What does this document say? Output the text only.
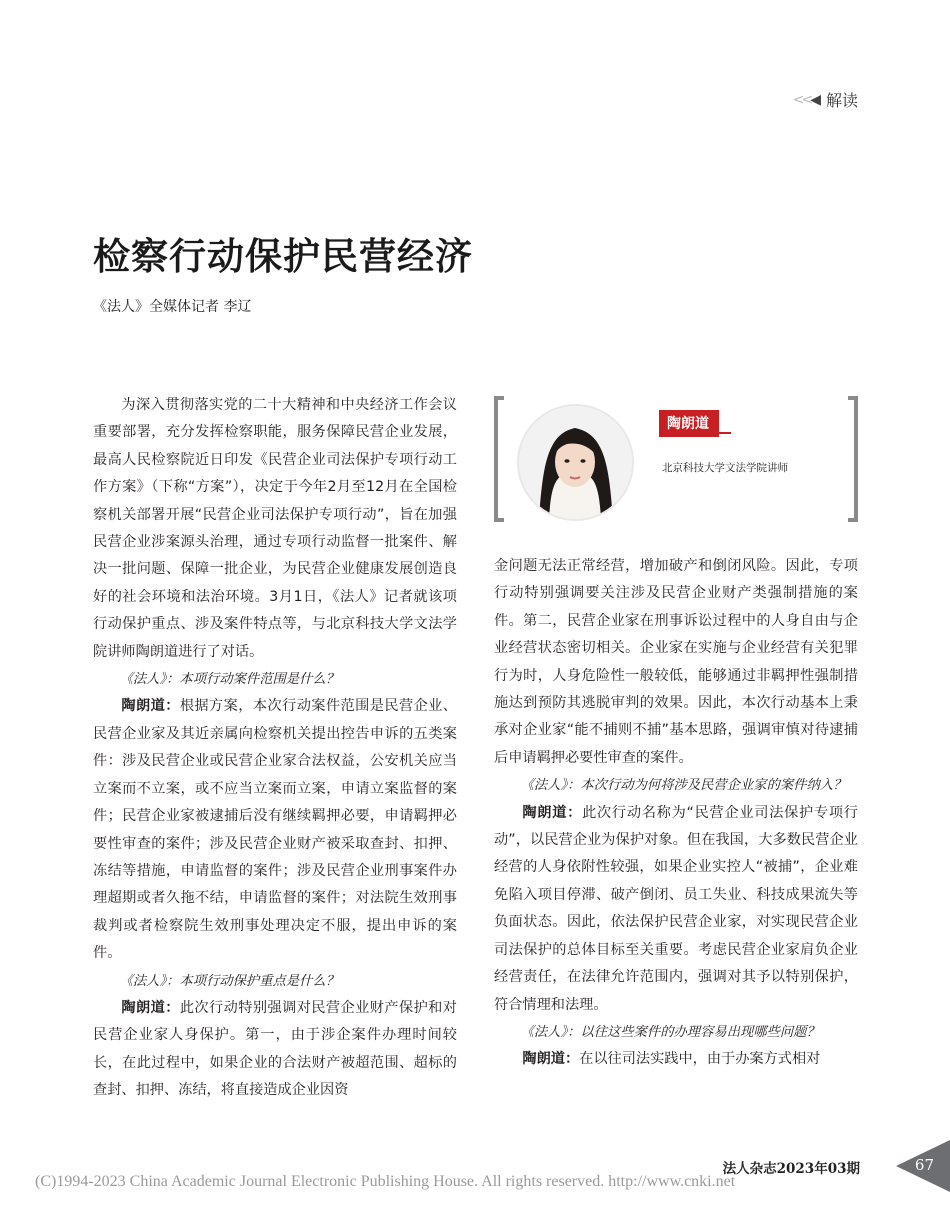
<<◀ 解读
检察行动保护民营经济
《法人》全媒体记者 李辽

为深入贯彻落实党的二十大精神和中央经济工作会议重要部署，充分发挥检察职能，服务保障民营企业发展，最高人民检察院近日印发《民营企业司法保护专项行动工作方案》（下称“方案”），决定于今年2月至12月在全国检察机关部署开展“民营企业司法保护专项行动”，旨在加强民营企业涉案源头治理，通过专项行动监督一批案件、解决一批问题、保障一批企业，为民营企业健康发展创造良好的社会环境和法治环境。3月1日，《法人》记者就该项行动保护重点、涉及案件特点等，与北京科技大学文法学院讲师陶朗道进行了对话。

《法人》：本项行动案件范围是什么？

陶朗道：根据方案，本次行动案件范围是民营企业、民营企业家及其近亲属向检察机关提出控告申诉的五类案件：涉及民营企业或民营企业家合法权益，公安机关应当立案而不立案，或不应当立案而立案，申请立案监督的案件；民营企业家被逮捕后没有继续羁押必要，申请羁押必要性审查的案件；涉及民营企业财产被采取查封、扣押、冻结等措施，申请监督的案件；涉及民营企业刑事案件办理超期或者久拖不结，申请监督的案件；对法院生效刑事裁判或者检察院生效刑事处理决定不服，提出申诉的案件。

《法人》：本项行动保护重点是什么？

陶朗道：此次行动特别强调对民营企业财产保护和对民营企业家人身保护。第一，由于涉企案件办理时间较长，在此过程中，如果企业的合法财产被超范围、超标的查封、扣押、冻结，将直接造成企业因资

陶朗道
北京科技大学文法学院讲师

金问题无法正常经营，增加破产和倒闭风险。因此，专项行动特别强调要关注涉及民营企业财产类强制措施的案件。第二，民营企业家在刑事诉讼过程中的人身自由与企业经营状态密切相关。企业家在实施与企业经营有关犯罪行为时，人身危险性一般较低，能够通过非羁押性强制措施达到预防其逃脱审判的效果。因此，本次行动基本上秉承对企业家“能不捕则不捕”基本思路，强调审慎对待逮捕后申请羁押必要性审查的案件。

《法人》：本次行动为何将涉及民营企业家的案件纳入？

陶朗道：此次行动名称为“民营企业司法保护专项行动”，以民营企业为保护对象。但在我国，大多数民营企业经营的人身依附性较强，如果企业实控人“被捕”，企业难免陷入项目停滞、破产倒闭、员工失业、科技成果流失等负面状态。因此，依法保护民营企业家，对实现民营企业司法保护的总体目标至关重要。考虑民营企业家肩负企业经营责任，在法律允许范围内，强调对其予以特别保护，符合情理和法理。

《法人》：以往这些案件的办理容易出现哪些问题？

陶朗道：在以往司法实践中，由于办案方式相对

法人杂志2023年03期	67
(C)1994-2023 China Academic Journal Electronic Publishing House. All rights reserved. http://www.cnki.net
